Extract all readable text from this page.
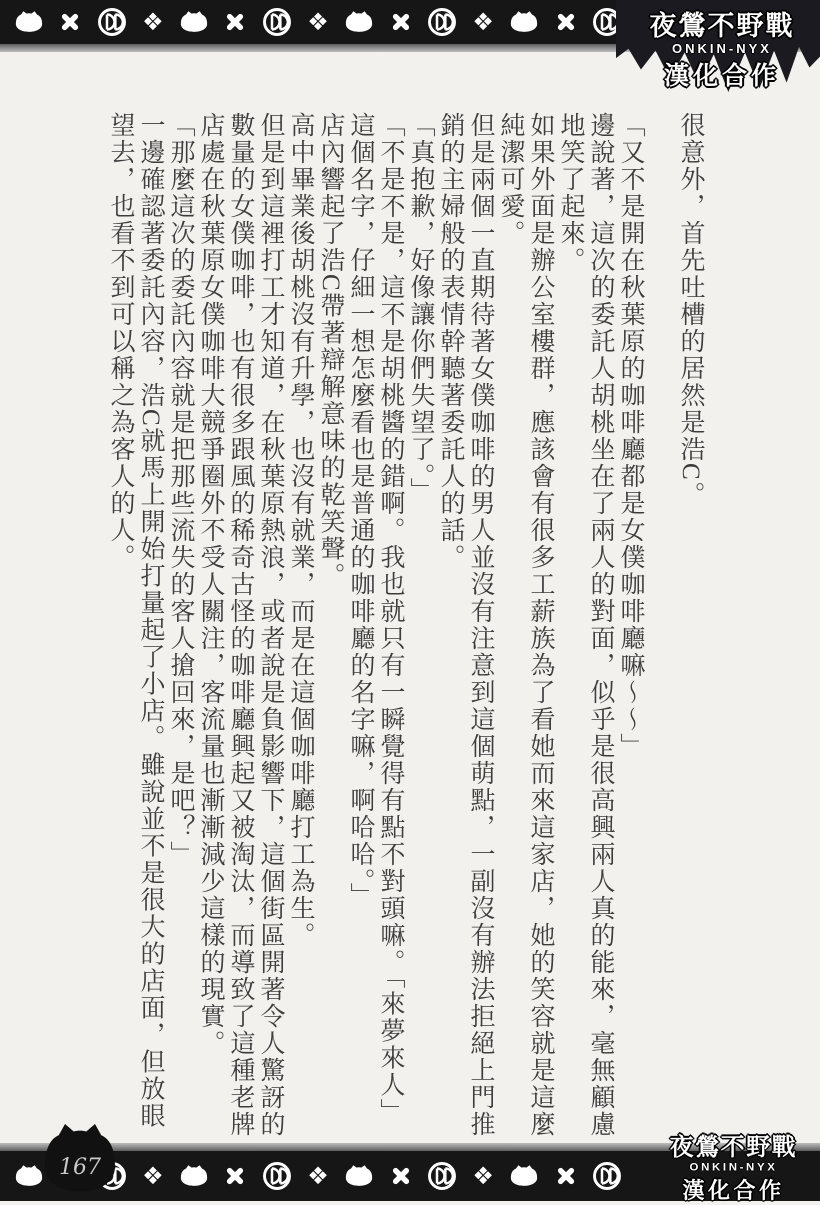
❖	❖	❖	夜鶯不野戰
ONKIN-NYX
漢化合作

很意外，首先吐槽的居然是浩C。

「又不是開在秋葉原的咖啡廳都是女僕咖啡廳嘛～～」

邊說著，這次的委託人胡桃坐在了兩人的對面，似乎是很高興兩人真的能來，毫無顧慮地笑了起來。

如果外面是辦公室樓群，應該會有很多工薪族為了看她而來這家店，她的笑容就是這麼純潔可愛。

但是兩個一直期待著女僕咖啡的男人並沒有注意到這個萌點，一副沒有辦法拒絕上門推銷的主婦般的表情幹聽著委託人的話。

「真抱歉，好像讓你們失望了。」

「不是不是，這不是胡桃醬的錯啊。我也就只有一瞬覺得有點不對頭嘛。「來夢來人」這個名字，仔細一想怎麼看也是普通的咖啡廳的名字嘛，啊哈哈。」

店內響起了浩C帶著辯解意味的乾笑聲。

高中畢業後胡桃沒有升學，也沒有就業，而是在這個咖啡廳打工為生。

但是到這裡打工才知道，在秋葉原熱浪，或者說是負影響下，這個街區開著令人驚訝的數量的女僕咖啡，也有很多跟風的稀奇古怪的咖啡廳興起又被淘汰，而導致了這種老牌店處在秋葉原女僕咖啡大競爭圈外不受人關注，客流量也漸漸減少這樣的現實。

「那麼這次的委託內容就是把那些流失的客人搶回來，是吧？」

一邊確認著委託內容，浩C就馬上開始打量起了小店。雖說並不是很大的店面，但放眼望去，也看不到可以稱之為客人的人。

❖	❖	❖
夜鶯不野戰
ONKIN-NYX
漢化合作
167
